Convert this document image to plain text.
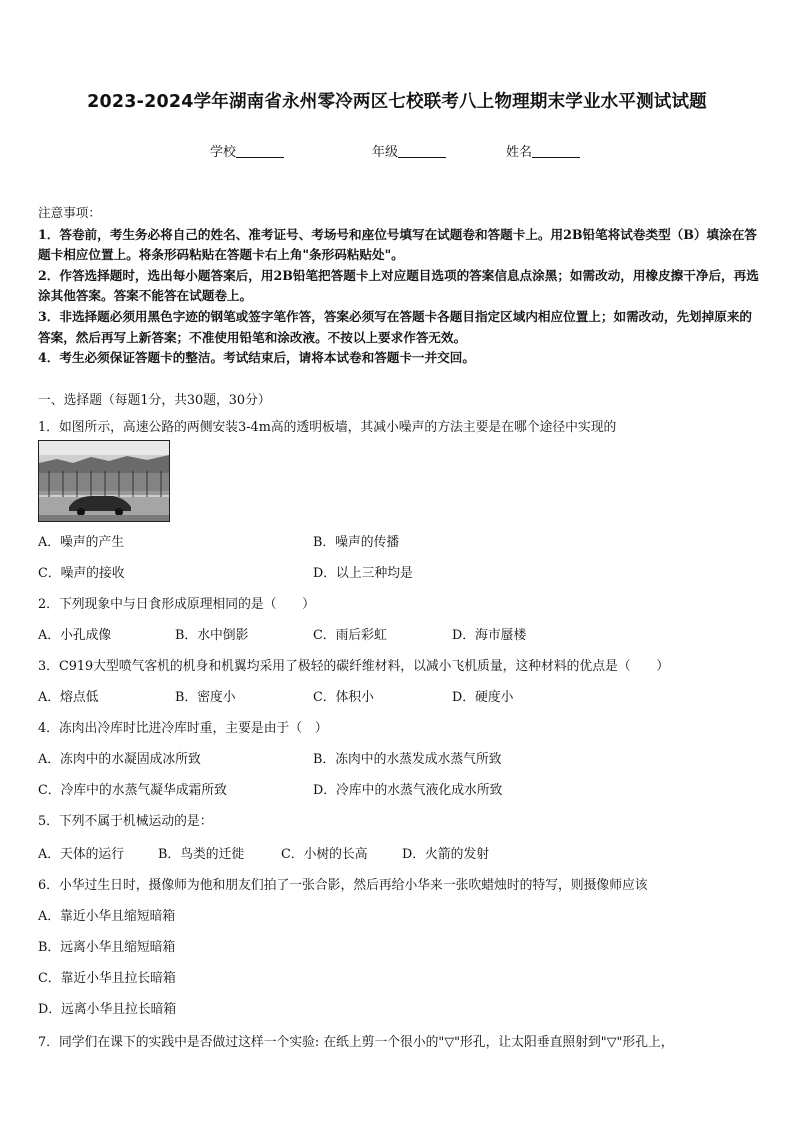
2023-2024学年湖南省永州零冷两区七校联考八上物理期末学业水平测试试题
学校	年级	姓名

注意事项：

1．答卷前，考生务必将自己的姓名、准考证号、考场号和座位号填写在试题卷和答题卡上。用2B铅笔将试卷类型（B）填涂在答题卡相应位置上。将条形码粘贴在答题卡右上角"条形码粘贴处"。

2．作答选择题时，选出每小题答案后，用2B铅笔把答题卡上对应题目选项的答案信息点涂黑；如需改动，用橡皮擦干净后，再选涂其他答案。答案不能答在试题卷上。

3．非选择题必须用黑色字迹的钢笔或签字笔作答，答案必须写在答题卡各题目指定区域内相应位置上；如需改动，先划掉原来的答案，然后再写上新答案；不准使用铅笔和涂改液。不按以上要求作答无效。

4．考生必须保证答题卡的整洁。考试结束后，请将本试卷和答题卡一并交回。

一、选择题（每题1分，共30题，30分）
1．如图所示，高速公路的两侧安装3-4m高的透明板墙，其减小噪声的方法主要是在哪个途径中实现的
A．噪声的产生	B．噪声的传播
C．噪声的接收	D．以上三种均是
2．下列现象中与日食形成原理相同的是（　　）
A．小孔成像	B．水中倒影	C．雨后彩虹	D．海市蜃楼
3．C919大型喷气客机的机身和机翼均采用了极轻的碳纤维材料，以减小飞机质量，这种材料的优点是（　　）
A．熔点低	B．密度小	C．体积小	D．硬度小
4．冻肉出冷库时比进冷库时重，主要是由于（　）
A．冻肉中的水凝固成冰所致	B．冻肉中的水蒸发成水蒸气所致
C．冷库中的水蒸气凝华成霜所致	D．冷库中的水蒸气液化成水所致
5．下列不属于机械运动的是：
A．天体的运行	B．鸟类的迁徙	C．小树的长高	D．火箭的发射
6．小华过生日时，摄像师为他和朋友们拍了一张合影，然后再给小华来一张吹蜡烛时的特写，则摄像师应该
A．靠近小华且缩短暗箱
B．远离小华且缩短暗箱
C．靠近小华且拉长暗箱
D．远离小华且拉长暗箱
7．同学们在课下的实践中是否做过这样一个实验: 在纸上剪一个很小的"▽"形孔，让太阳垂直照射到"▽"形孔上，
